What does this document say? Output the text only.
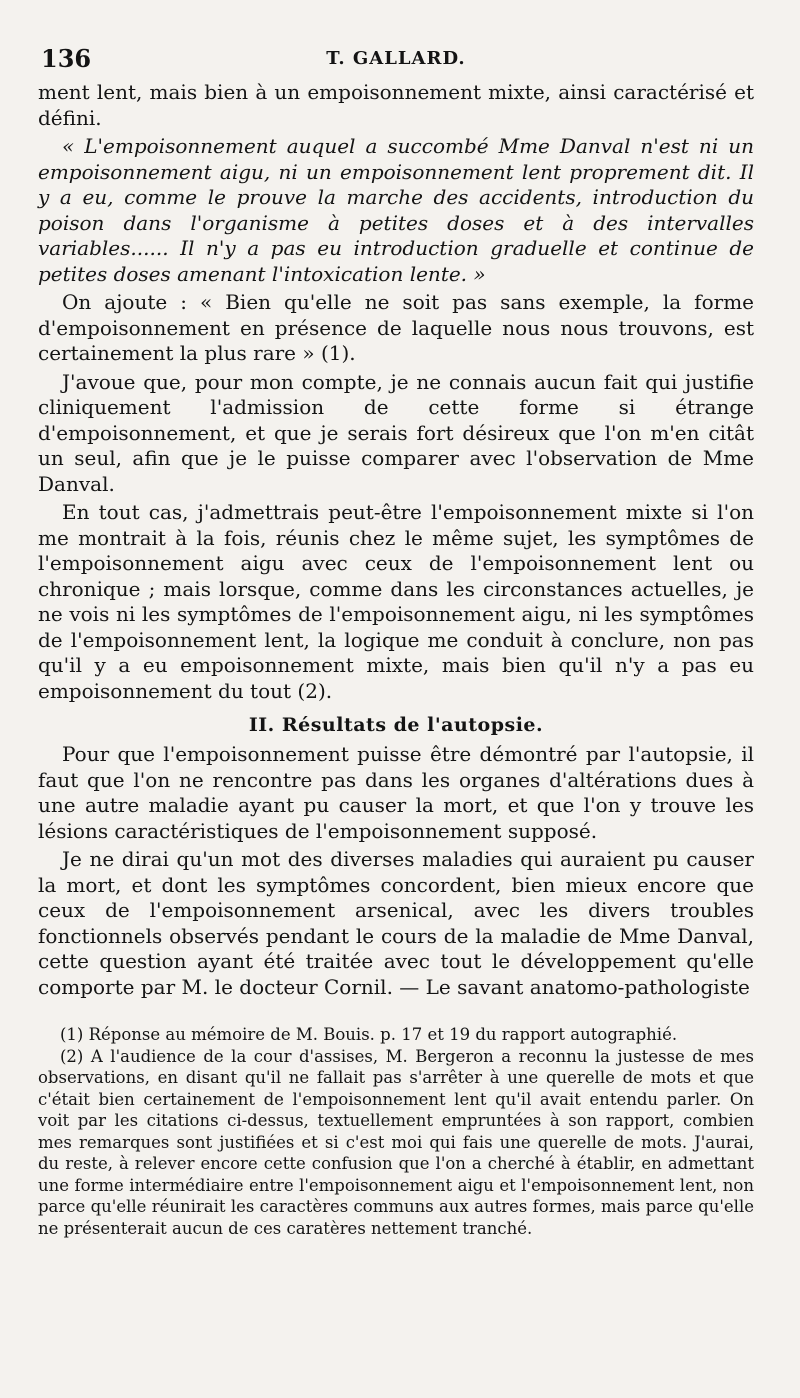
136	T. GALLARD.

ment lent, mais bien à un empoisonnement mixte, ainsi caractérisé et défini.

« L'empoisonnement auquel a succombé Mme Danval n'est ni un empoisonnement aigu, ni un empoisonnement lent proprement dit. Il y a eu, comme le prouve la marche des accidents, introduction du poison dans l'organisme à petites doses et à des intervalles variables...... Il n'y a pas eu introduction graduelle et continue de petites doses amenant l'intoxication lente. »

On ajoute : « Bien qu'elle ne soit pas sans exemple, la forme d'empoisonnement en présence de laquelle nous nous trouvons, est certainement la plus rare » (1).

J'avoue que, pour mon compte, je ne connais aucun fait qui justifie cliniquement l'admission de cette forme si étrange d'empoisonnement, et que je serais fort désireux que l'on m'en citât un seul, afin que je le puisse comparer avec l'observation de Mme Danval.

En tout cas, j'admettrais peut-être l'empoisonnement mixte si l'on me montrait à la fois, réunis chez le même sujet, les symptômes de l'empoisonnement aigu avec ceux de l'empoisonnement lent ou chronique ; mais lorsque, comme dans les circonstances actuelles, je ne vois ni les symptômes de l'empoisonnement aigu, ni les symptômes de l'empoisonnement lent, la logique me conduit à conclure, non pas qu'il y a eu empoisonnement mixte, mais bien qu'il n'y a pas eu empoisonnement du tout (2).

II. Résultats de l'autopsie.

Pour que l'empoisonnement puisse être démontré par l'autopsie, il faut que l'on ne rencontre pas dans les organes d'altérations dues à une autre maladie ayant pu causer la mort, et que l'on y trouve les lésions caractéristiques de l'empoisonnement supposé.

Je ne dirai qu'un mot des diverses maladies qui auraient pu causer la mort, et dont les symptômes concordent, bien mieux encore que ceux de l'empoisonnement arsenical, avec les divers troubles fonctionnels observés pendant le cours de la maladie de Mme Danval, cette question ayant été traitée avec tout le développement qu'elle comporte par M. le docteur Cornil. — Le savant anatomo-pathologiste

(1) Réponse au mémoire de M. Bouis. p. 17 et 19 du rapport autographié.

(2) A l'audience de la cour d'assises, M. Bergeron a reconnu la justesse de mes observations, en disant qu'il ne fallait pas s'arrêter à une querelle de mots et que c'était bien certainement de l'empoisonnement lent qu'il avait entendu parler. On voit par les citations ci-dessus, textuellement empruntées à son rapport, combien mes remarques sont justifiées et si c'est moi qui fais une querelle de mots. J'aurai, du reste, à relever encore cette confusion que l'on a cherché à établir, en admettant une forme intermédiaire entre l'empoisonnement aigu et l'empoisonnement lent, non parce qu'elle réunirait les caractères communs aux autres formes, mais parce qu'elle ne présenterait aucun de ces caratères nettement tranché.
